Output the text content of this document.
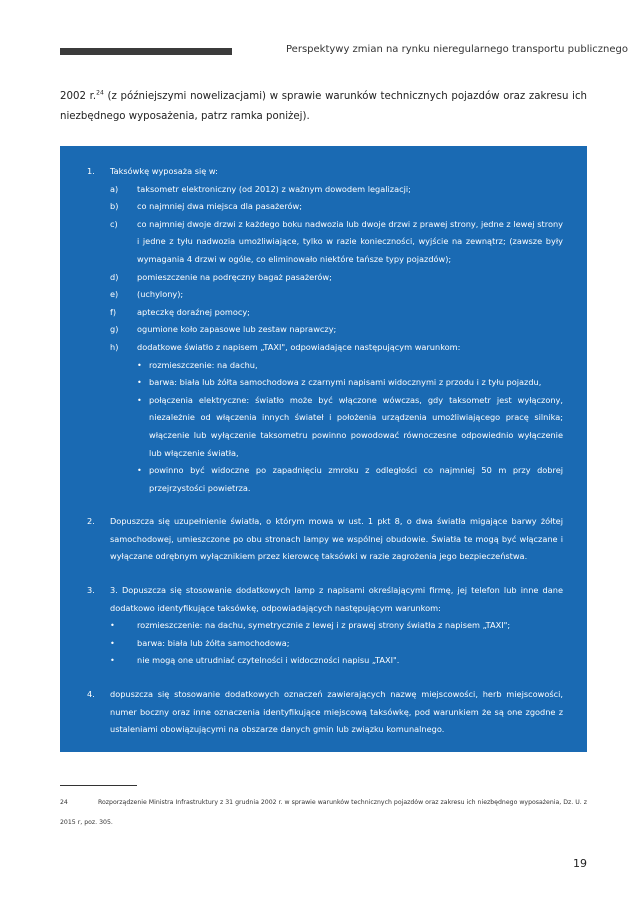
Perspektywy zmian na rynku nieregularnego transportu publicznego
2002 r.$^{24}$ (z późniejszymi nowelizacjami) w sprawie warunków technicznych pojazdów oraz zakresu ich niezbędnego wyposażenia, patrz ramka poniżej).
1. Taksówkę wyposaża się w:
a) taksometr elektroniczny (od 2012) z ważnym dowodem legalizacji;
b) co najmniej dwa miejsca dla pasażerów;
c) co najmniej dwoje drzwi z każdego boku nadwozia lub dwoje drzwi z prawej strony, jedne z lewej strony i jedne z tyłu nadwozia umożliwiające, tylko w razie konieczności, wyjście na zewnątrz; (zawsze były wymagania 4 drzwi w ogóle, co eliminowało niektóre tańsze typy pojazdów);
d) pomieszczenie na podręczny bagaż pasażerów;
e) (uchylony);
f)	apteczkę doraźnej pomocy;
g) ogumione koło zapasowe lub zestaw naprawczy;
h) dodatkowe światło z napisem „TAXI", odpowiadające następującym warunkom:
• rozmieszczenie: na dachu,
• barwa: biała lub żółta samochodowa z czarnymi napisami widocznymi z przodu i z tyłu pojazdu,
• połączenia elektryczne: światło może być włączone wówczas, gdy taksometr jest wyłączony, niezależnie od włączenia innych świateł i położenia urządzenia umożliwiającego pracę silnika; włączenie lub wyłączenie taksometru powinno powodować równoczesne odpowiednio wyłączenie lub włączenie światła,
• powinno być widoczne po zapadnięciu zmroku z odległości co najmniej 50 m przy dobrej przejrzystości powietrza.
2. Dopuszcza się uzupełnienie światła, o którym mowa w ust. 1 pkt 8, o dwa światła migające barwy żółtej samochodowej, umieszczone po obu stronach lampy we wspólnej obudowie. Światła te mogą być włączane i wyłączane odrębnym wyłącznikiem przez kierowcę taksówki w razie zagrożenia jego bezpieczeństwa.
3. 3. Dopuszcza się stosowanie dodatkowych lamp z napisami określającymi firmę, jej telefon lub inne dane dodatkowo identyfikujące taksówkę, odpowiadających następującym warunkom:
•	rozmieszczenie: na dachu, symetrycznie z lewej i z prawej strony światła z napisem „TAXI";
•	barwa: biała lub żółta samochodowa;
•	nie mogą one utrudniać czytelności i widoczności napisu „TAXI".
4. dopuszcza się stosowanie dodatkowych oznaczeń zawierających nazwę miejscowości, herb miejscowości, numer boczny oraz inne oznaczenia identyfikujące miejscową taksówkę, pod warunkiem że są one zgodne z ustaleniami obowiązującymi na obszarze danych gmin lub związku komunalnego.
24	Rozporządzenie Ministra Infrastruktury z 31 grudnia 2002 r. w sprawie warunków technicznych pojazdów oraz zakresu ich niezbędnego wyposażenia, Dz. U. z 2015 r, poz. 305.
19
